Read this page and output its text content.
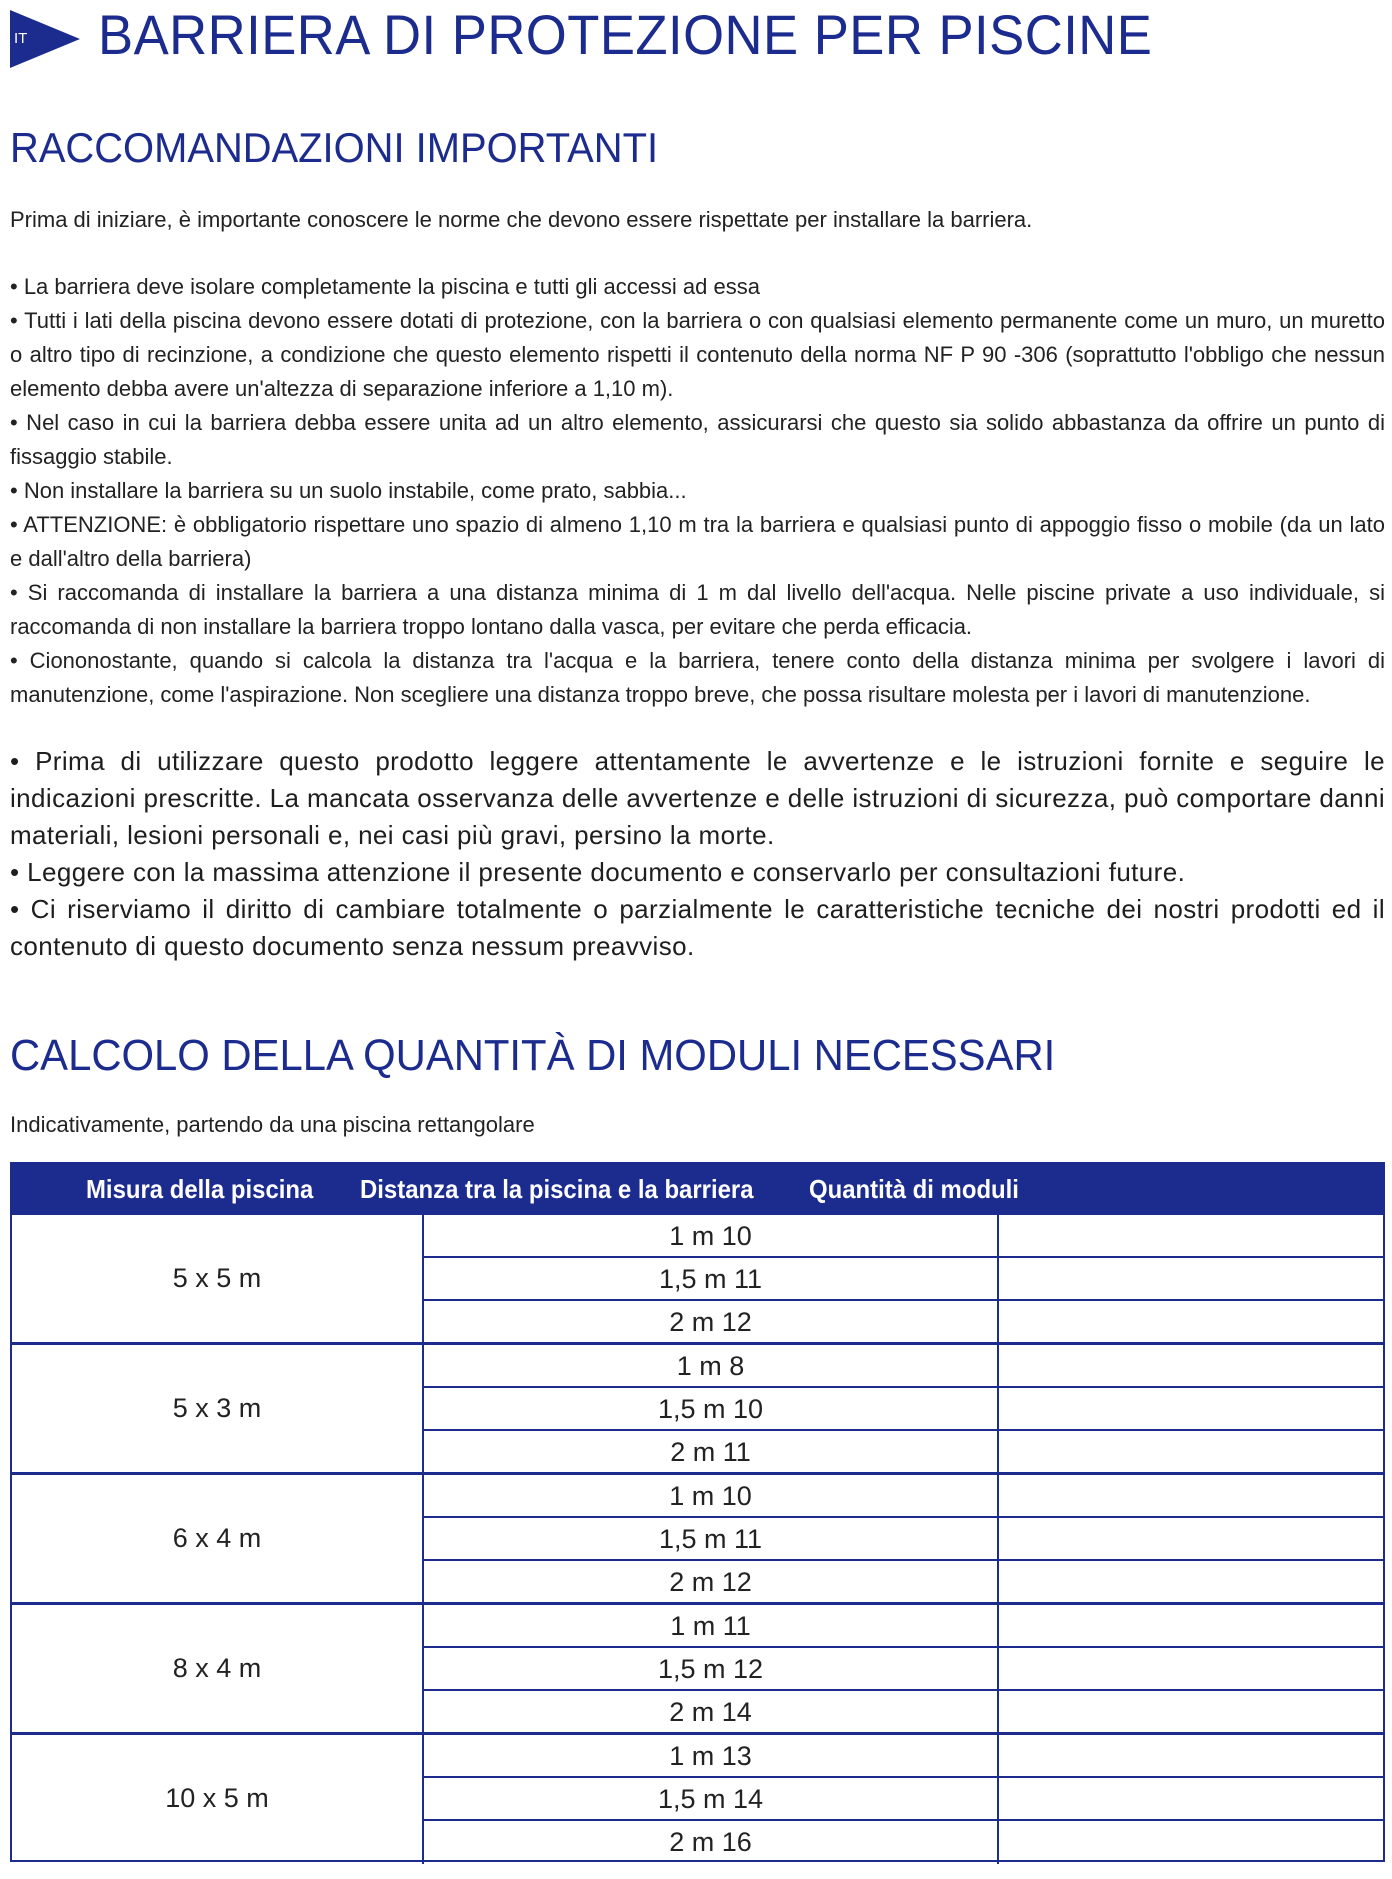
IT BARRIERA DI PROTEZIONE PER PISCINE
RACCOMANDAZIONI IMPORTANTI

Prima di iniziare, è importante conoscere le norme che devono essere rispettate per installare la barriera.

• La barriera deve isolare completamente la piscina e tutti gli accessi ad essa
• Tutti i lati della piscina devono essere dotati di protezione, con la barriera o con qualsiasi elemento permanente come un muro, un muretto o altro tipo di recinzione, a condizione che questo elemento rispetti il contenuto della norma NF P 90 -306 (soprattutto l'obbligo che nessun elemento debba avere un'altezza di separazione inferiore a 1,10 m).
• Nel caso in cui la barriera debba essere unita ad un altro elemento, assicurarsi che questo sia solido abbastanza da offrire un punto di fissaggio stabile.
• Non installare la barriera su un suolo instabile, come prato, sabbia...
• ATTENZIONE: è obbligatorio rispettare uno spazio di almeno 1,10 m tra la barriera e qualsiasi punto di appoggio fisso o mobile (da un lato e dall'altro della barriera)
• Si raccomanda di installare la barriera a una distanza minima di 1 m dal livello dell'acqua. Nelle piscine private a uso individuale, si raccomanda di non installare la barriera troppo lontano dalla vasca, per evitare che perda efficacia.
• Ciononostante, quando si calcola la distanza tra l'acqua e la barriera, tenere conto della distanza minima per svolgere i lavori di manutenzione, come l'aspirazione. Non scegliere una distanza troppo breve, che possa risultare molesta per i lavori di manutenzione.
• Prima di utilizzare questo prodotto leggere attentamente le avvertenze e le istruzioni fornite e seguire le indicazioni prescritte. La mancata osservanza delle avvertenze e delle istruzioni di sicurezza, può comportare danni materiali, lesioni personali e, nei casi più gravi, persino la morte.
• Leggere con la massima attenzione il presente documento e conservarlo per consultazioni future.
• Ci riserviamo il diritto di cambiare totalmente o parzialmente le caratteristiche tecniche dei nostri prodotti ed il contenuto di questo documento senza nessum preavviso.
CALCOLO DELLA QUANTITÀ DI MODULI NECESSARI

Indicativamente, partendo da una piscina rettangolare

Misura della piscina Distanza tra la piscina e la barriera Quantità di moduli
5 x 5 m
1 m 10
1,5 m 11
2 m 12
5 x 3 m
1 m 8
1,5 m 10
2 m 11
6 x 4 m
1 m 10
1,5 m 11
2 m 12
8 x 4 m
1 m 11
1,5 m 12
2 m 14
10 x 5 m
1 m 13
1,5 m 14
2 m 16
